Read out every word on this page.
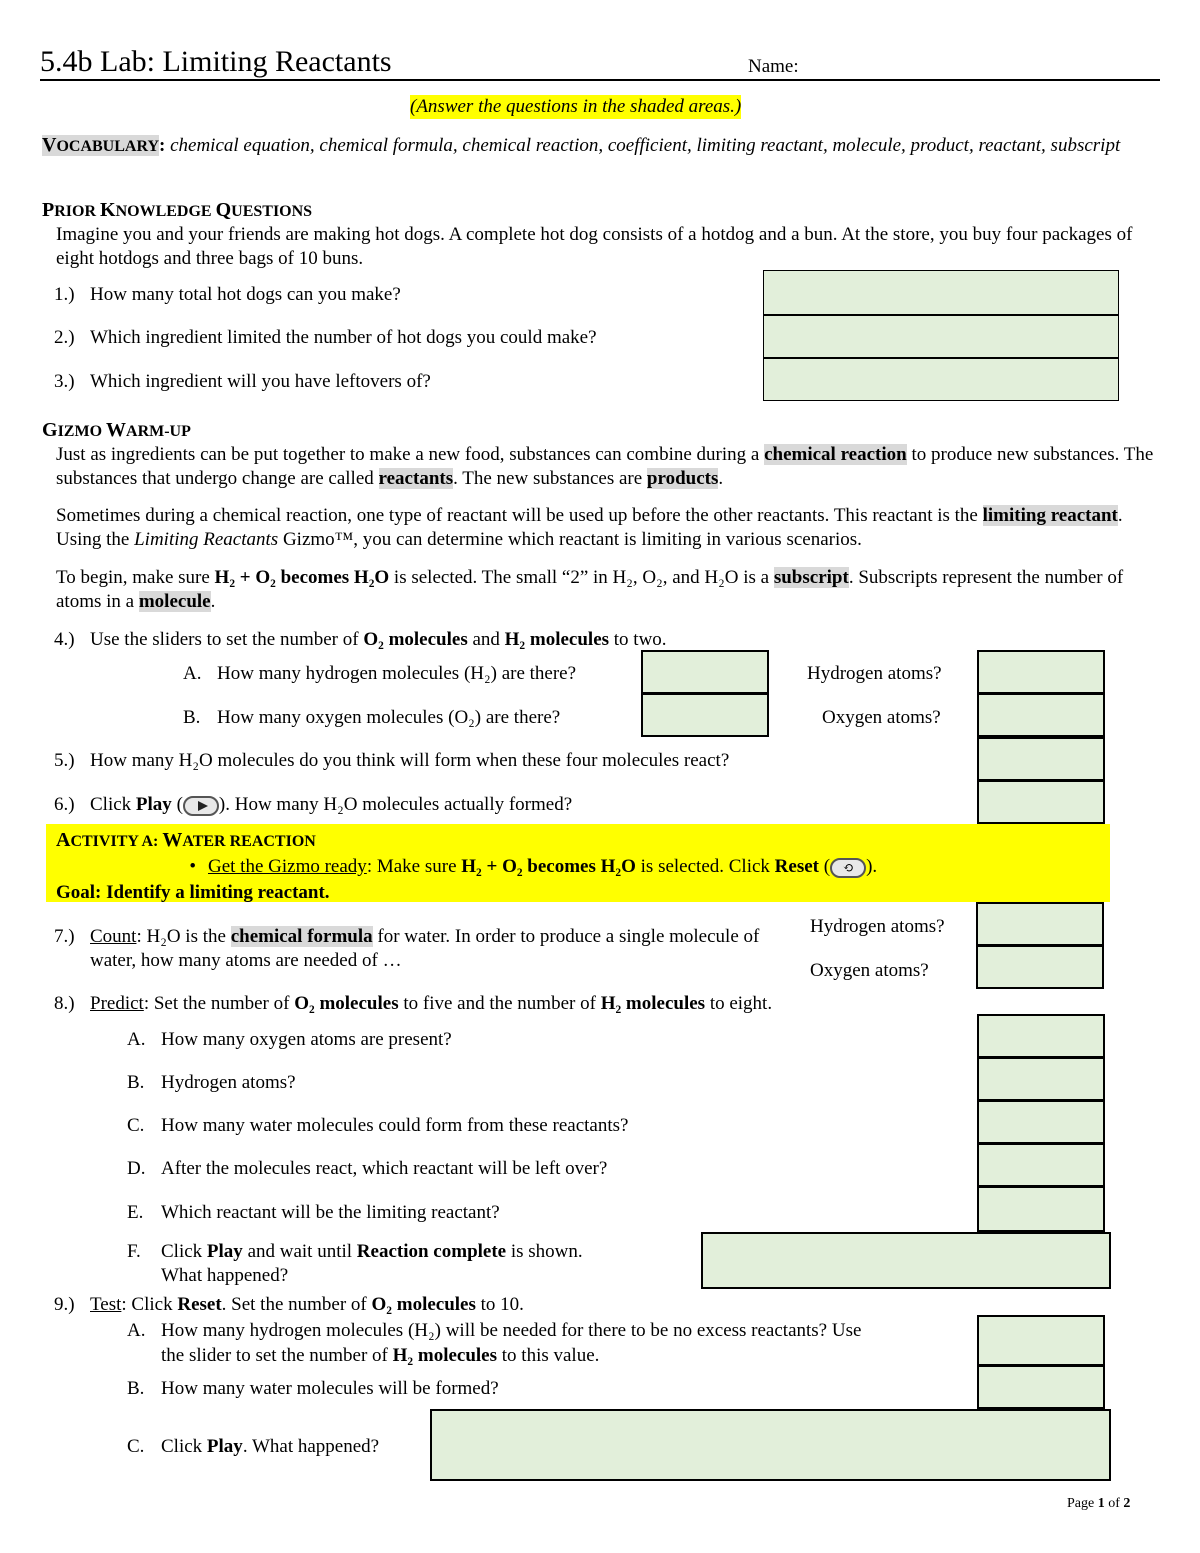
5.4b Lab: Limiting Reactants	Name:
(Answer the questions in the shaded areas.)
VOCABULARY: chemical equation, chemical formula, chemical reaction, coefficient, limiting reactant, molecule, product, reactant, subscript
PRIOR KNOWLEDGE QUESTIONS
Imagine you and your friends are making hot dogs. A complete hot dog consists of a hotdog and a bun. At the store, you buy four packages of eight hotdogs and three bags of 10 buns.
1.) How many total hot dogs can you make?
2.) Which ingredient limited the number of hot dogs you could make?
3.) Which ingredient will you have leftovers of?
GIZMO WARM-UP
Just as ingredients can be put together to make a new food, substances can combine during a chemical reaction to produce new substances. The substances that undergo change are called reactants. The new substances are products.
Sometimes during a chemical reaction, one type of reactant will be used up before the other reactants. This reactant is the limiting reactant. Using the Limiting Reactants Gizmo™, you can determine which reactant is limiting in various scenarios.
To begin, make sure H₂ + O₂ becomes H₂O is selected. The small “2” in H₂, O₂, and H₂O is a subscript. Subscripts represent the number of atoms in a molecule.
4.) Use the sliders to set the number of O₂ molecules and H₂ molecules to two.
A. How many hydrogen molecules (H₂) are there?	Hydrogen atoms?
B. How many oxygen molecules (O₂) are there?	Oxygen atoms?
5.) How many H₂O molecules do you think will form when these four molecules react?
6.) Click Play ( ). How many H₂O molecules actually formed?
ACTIVITY A: WATER REACTION
• Get the Gizmo ready: Make sure H₂ + O₂ becomes H₂O is selected. Click Reset ( ⟲ ).
Goal: Identify a limiting reactant.
7.) Count: H₂O is the chemical formula for water. In order to produce a single molecule of water, how many atoms are needed of …
Hydrogen atoms?
Oxygen atoms?
8.) Predict: Set the number of O₂ molecules to five and the number of H₂ molecules to eight.
A. How many oxygen atoms are present?
B. Hydrogen atoms?
C. How many water molecules could form from these reactants?
D. After the molecules react, which reactant will be left over?
E. Which reactant will be the limiting reactant?
F. Click Play and wait until Reaction complete is shown.
What happened?
9.) Test: Click Reset. Set the number of O₂ molecules to 10.
A. How many hydrogen molecules (H₂) will be needed for there to be no excess reactants? Use
the slider to set the number of H₂ molecules to this value.
B. How many water molecules will be formed?
C. Click Play. What happened?
Page 1 of 2
